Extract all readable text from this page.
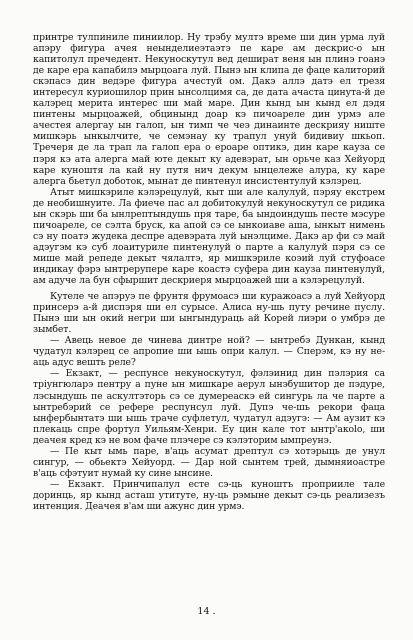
принтре тулпиниле пиниилор. Ну трэбу мултэ време ши дин урма луй апэру фигура ачея неынделиеэтаэтэ пе каре ам дескрис-о ын капитолул пречедент. Некуноскутул вед дешират веня ын плинэ гоанэ де каре ера капабилэ мырцоага луй. Пынэ ын клипа де фаце калиторий скэпасэ дин ведэре фигура ачестуй ом. Дакэ аллэ датэ ел трезя интересул куриошилор прин ынсолцимя са, де дата ачаста цинута-й де калэрец мерита интерес ши май маре. Дин кынд ын кынд ел дэдя пинтены мырцоажей, обцинынд доар кэ пичоареле дин урмэ але ачестея алергау ын галоп, ын тимп че чеэ динаинте дескрияу ниште мишкэрь ынкылчите, че семэнау ку трапул унуй бидивиу шкьоп. Тречеря де ла трап ла галоп ера о ероаре оптикэ, дин каре кауза се пэря кэ ата алерга май юте декыт ку адевэрат, ын орьче каз Хейуорд каре куноштя ла кай ну путя нич декум ынцележе алура, ку каре алерга бьетул доботок, мынат де пинтенул инсистентулуй кэлэрец.

Атыт мишкэриле кэлэрецулуй, кыт ши але калулуй, пэряу екстрем де необишнуите. Ла фиече пас ал добитокулуй некуноскутул се ридика ын скэрь ши ба ынлрептындушь пря таре, ба ындоиндушь песте мэсуре пичоареле, се сэлта бруск, ка апой сэ се ынкоиаве аша, ынкыт нимень сэ ну поатэ жудека деспре адевэрата луй ынэлциме. Дакэ ар фи сэ май адэугэм кэ суб лоаитуриле пинтенулуй о парте а калулуй пэря сэ се мише май репеде декыт чялалтэ, яр мишкэриле коэий луй стуфоасе индикау фэрэ ынтрерупере каре коастэ суфера дин кауза пинтенулуй, ам адуче ла бун сфыршит дескриеря мырцоажей ши а кэлэрецулуй.

Кутеле че апэруэ пе фрунтя фрумоасэ ши куражоасэ а луй Хейуорд принсерэ а-й диспэря ши ел сурысе. Алиса ну-шь путу речине пуслу. Пынэ ши ын окий негри ши ынгындураць ай Корей лиэри о умбрэ де зымбет.

— Авець невое де чинева динтре ной? — ынтребэ Дункан, кынд чудатул кэлэрец се апропие ши ышь опри калул. — Сперэм, кэ ну не-аць адус вешть реле?

— Екзакт, — респунсе некуноскутул, фэлэинид дин пэлэрия са трiунгюларэ пентру а пуне ын мишкаре аерул ынэбушитор де пэдуре, лэсындушь пе аскултэторь сэ се думереаскэ ей сингурь ла че парте а ынтребэрий се рефере респунсул луй. Дупэ че-шь рекори фаца ынфербынтатэ ши ышь траче суфлетул, чудатул адэугэ: — Ам аузит кэ плекаць спре фортул Уильям-Хенри. Еу цин кале тот ынтр'акоlo, ши деачея кред кэ не вом фаче плэчере сэ кэлэторим ымпреунэ.

— Пе кыт ымь паре, в'аць асумат дрептул сэ хотэрыць де унул сингур, — обьектэ Хейуорд. — Дар ной сынтем трей, дымняиоастре в'аць сфэтуит нумай ку сине ынсине.

— Екзакт. Принчипалул есте сэ-ць куноштъ проприиле тале доринць, яр кынд асташ утитуте, ну-ць рэмыне декыт сэ-ць реализезъ интенция. Деачея в'ам ши ажунс дин урмэ.

14 .
